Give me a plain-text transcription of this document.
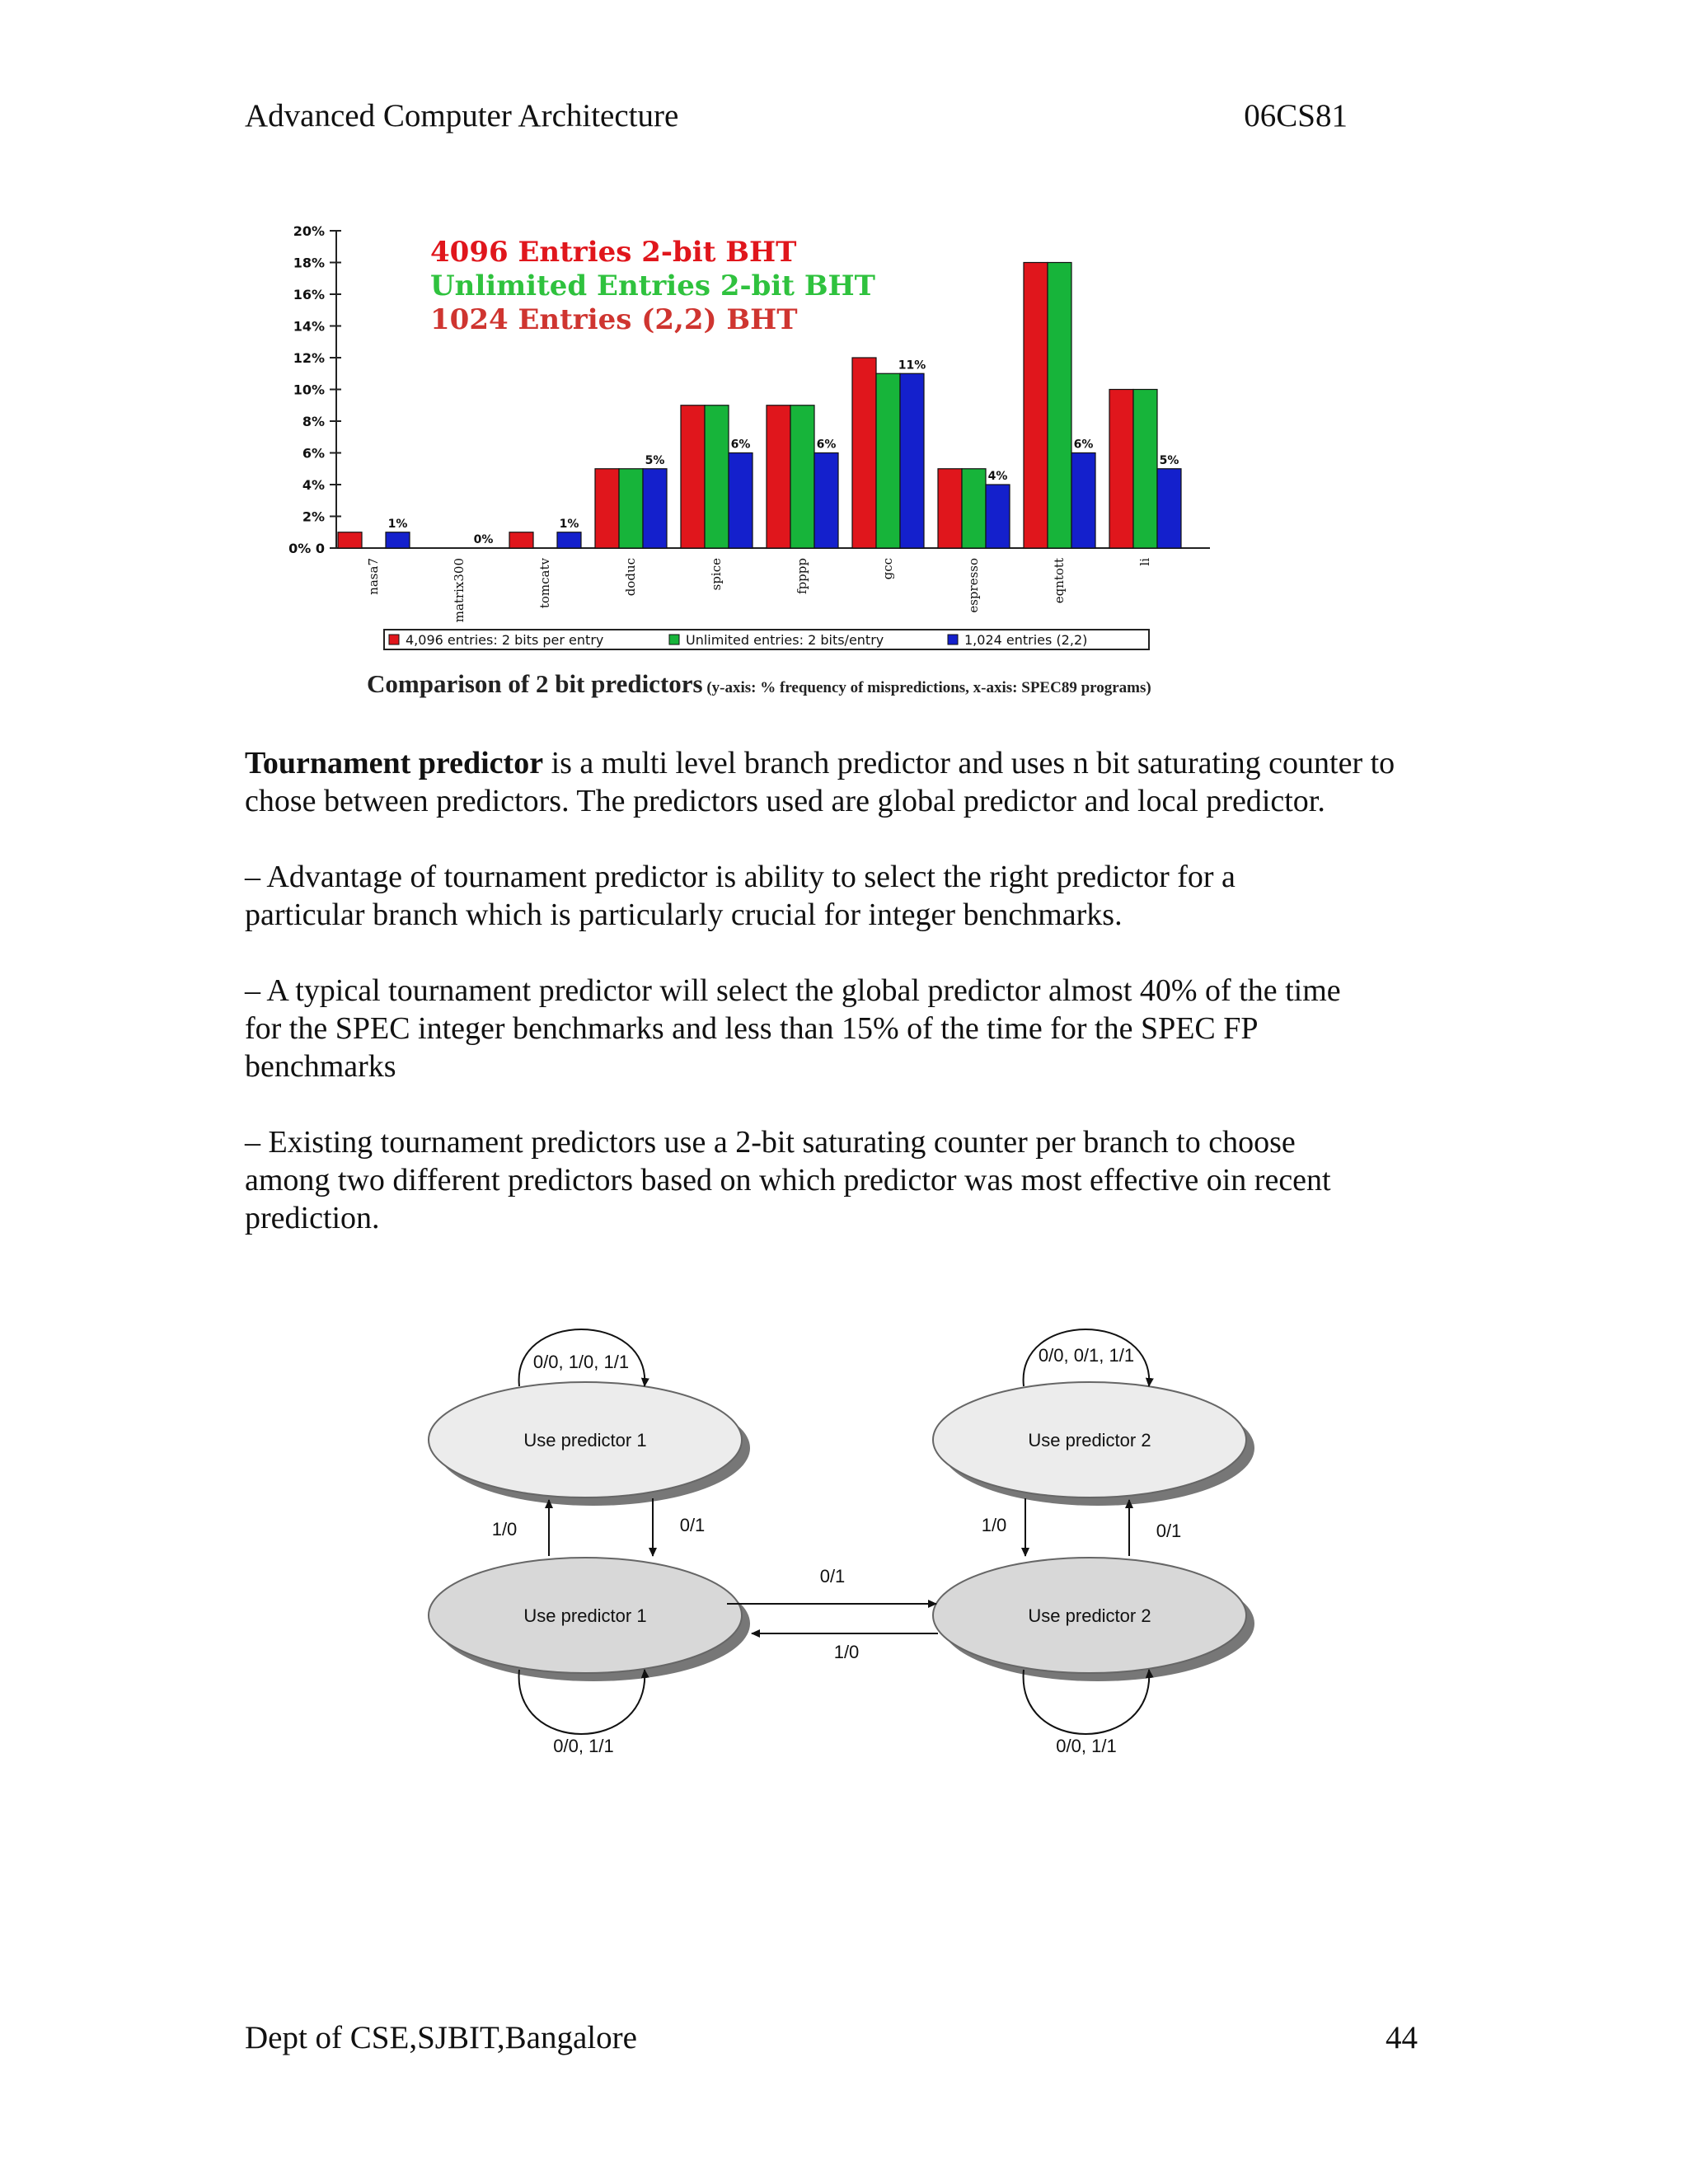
Advanced Computer Architecture	06CS81
0% 0
2%
4%
6%
8%
10%
12%
14%
16%
18%
20%
1%
0%
1%
5%
6%	6%
11%
4%
6%
5%
nasa7	matrix300	tomcatv	doduc	spice	fpppp	gcc	espresso	eqntott	li
4096 Entries 2-bit BHT
Unlimited Entries 2-bit BHT
1024 Entries (2,2) BHT
4,096 entries: 2 bits per entry	Unlimited entries: 2 bits/entry	1,024 entries (2,2)
Comparison of 2 bit predictors (y-axis: % frequency of mispredictions, x-axis: SPEC89 programs)

Tournament predictor is a multi level branch predictor and uses n bit saturating counter to chose between predictors. The predictors used are global predictor and local predictor.

– Advantage of tournament predictor is ability to select the right predictor for a particular branch which is particularly crucial for integer benchmarks.

– A typical tournament predictor will select the global predictor almost 40% of the time for the SPEC integer benchmarks and less than 15% of the time for the SPEC FP benchmarks

– Existing tournament predictors use a 2-bit saturating counter per branch to choose among two different predictors based on which predictor was most effective oin recent prediction.

Use predictor 1	Use predictor 2
Use predictor 1	Use predictor 2
0/0, 1/0, 1/1	0/0, 0/1, 1/1
0/0, 1/1	0/0, 1/1
1/0	0/1	1/0	0/1
0/1
1/0
Dept of CSE,SJBIT,Bangalore	44
